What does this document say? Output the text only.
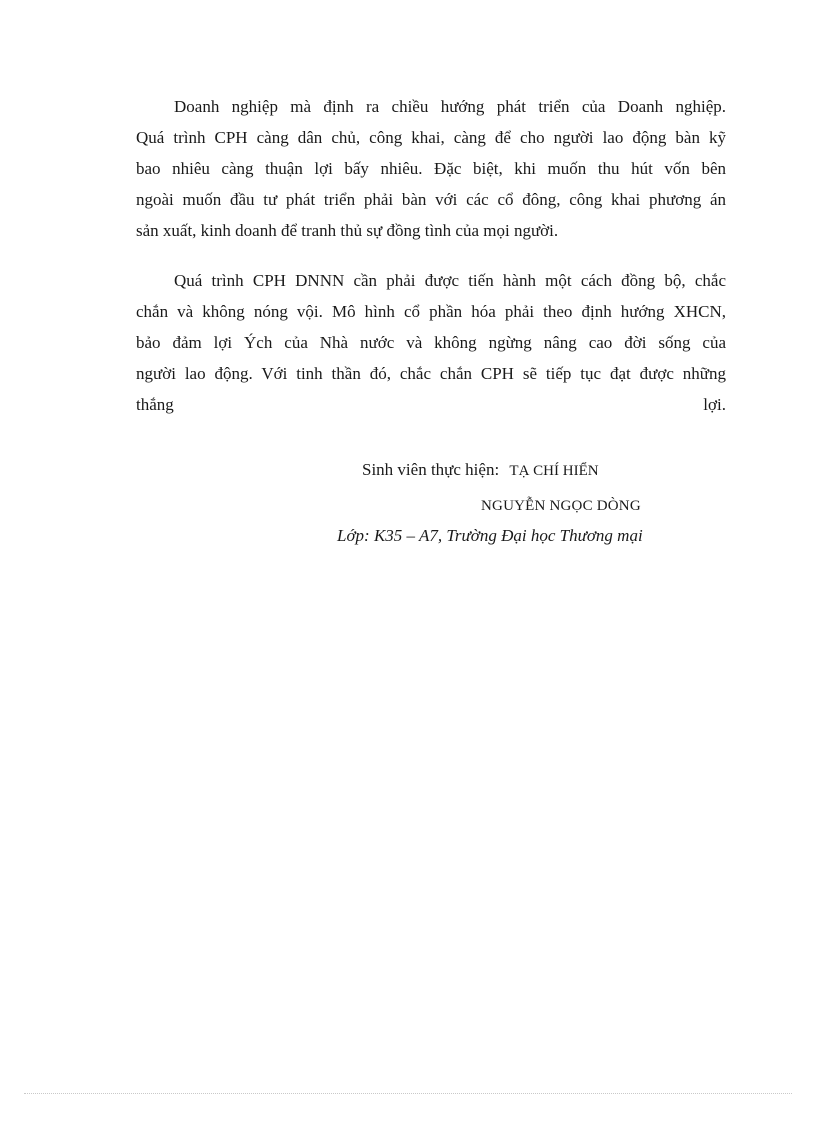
Doanh nghiệp mà định ra chiều hướng phát triển của Doanh nghiệp.
Quá trình CPH càng dân chủ, công khai, càng để cho người lao động bàn kỹ
bao nhiêu càng thuận lợi bấy nhiêu. Đặc biệt, khi muốn thu hút vốn bên
ngoài muốn đầu tư phát triển phải bàn với các cổ đông, công khai phương án
sản xuất, kinh doanh để tranh thủ sự đồng tình của mọi người.

Quá trình CPH DNNN cần phải được tiến hành một cách đồng bộ, chắc
chắn và không nóng vội. Mô hình cổ phần hóa phải theo định hướng XHCN,
bảo đảm lợi Ých của Nhà nước và không ngừng nâng cao đời sống của
người lao động. Với tinh thần đó, chắc chắn CPH sẽ tiếp tục đạt được những
thắng                                                                                                   lợi.

Sinh viên thực hiện: TẠ CHÍ HIỂN
NGUYỄN NGỌC DÒNG
Lớp: K35 – A7, Trường Đại học Thương mại
